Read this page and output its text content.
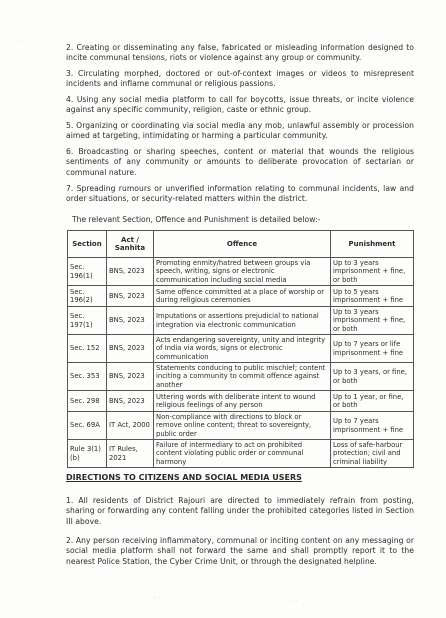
·
·

2. Creating or disseminating any false, fabricated or misleading information designed to incite communal tensions, riots or violence against any group or community.

3. Circulating morphed, doctored or out-of-context images or videos to misrepresent incidents and inflame communal or religious passions.

4. Using any social media platform to call for boycotts, issue threats, or incite violence against any specific community, religion, caste or ethnic group.

5. Organizing or coordinating via social media any mob, unlawful assembly or procession aimed at targeting, intimidating or harming a particular community.

6. Broadcasting or sharing speeches, content or material that wounds the religious sentiments of any community or amounts to deliberate provocation of sectarian or communal nature.

7. Spreading rumours or unverified information relating to communal incidents, law and order situations, or security-related matters within the district.

The relevant Section, Offence and Punishment is detailed below:-

Section	Act / Sanhita	Offence	Punishment
Sec. 196(1)	BNS, 2023	Promoting enmity/hatred between groups via speech, writing, signs or electronic communication including social media	Up to 3 years imprisonment + fine, or both
Sec. 196(2)	BNS, 2023	Same offence committed at a place of worship or during religious ceremonies	Up to 5 years imprisonment + fine
Sec. 197(1)	BNS, 2023	Imputations or assertions prejudicial to national integration via electronic communication	Up to 3 years imprisonment + fine, or both
Sec. 152	BNS, 2023	Acts endangering sovereignty, unity and integrity of India via words, signs or electronic communication	Up to 7 years or life imprisonment + fine
Sec. 353	BNS, 2023	Statements conducing to public mischief; content inciting a community to commit offence against another	Up to 3 years, or fine, or both
Sec. 298	BNS, 2023	Uttering words with deliberate intent to wound religious feelings of any person	Up to 1 year, or fine, or both
Sec. 69A	IT Act, 2000	Non-compliance with directions to block or remove online content; threat to sovereignty, public order	Up to 7 years imprisonment + fine
Rule 3(1)(b)	IT Rules, 2021	Failure of intermediary to act on prohibited content violating public order or communal harmony	Loss of safe-harbour protection; civil and criminal liability

DIRECTIONS TO CITIZENS AND SOCIAL MEDIA USERS

1. All residents of District Rajouri are directed to immediately refrain from posting, sharing or forwarding any content falling under the prohibited categories listed in Section III above.

2. Any person receiving inflammatory, communal or inciting content on any messaging or social media platform shall not forward the same and shall promptly report it to the nearest Police Station, the Cyber Crime Unit, or through the designated helpline.

· ' ·	· ·
